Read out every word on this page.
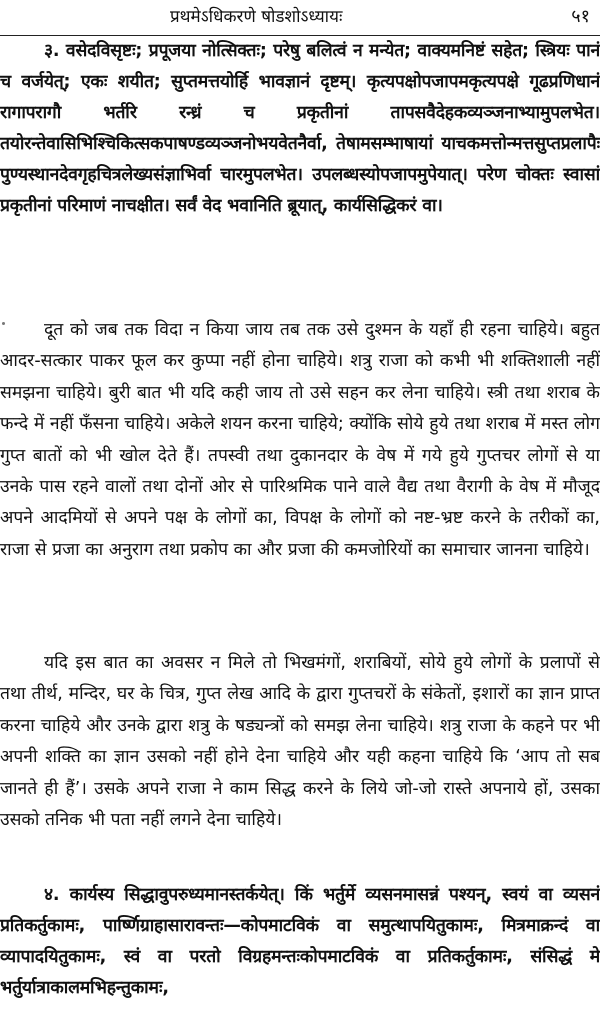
प्रथमेऽधिकरणे षोडशोऽध्यायः	५१

३. वसेदविसृष्टः; प्रपूजया नोत्सिक्तः; परेषु बलित्वं न मन्येत; वाक्यमनिष्टं सहेत; स्त्रियः पानं च वर्जयेत्; एकः शयीत; सुप्तमत्तयोर्हि भावज्ञानं दृष्टम्। कृत्यपक्षोपजापमकृत्यपक्षे गूढप्रणिधानं रागापरागौ भर्तरि रन्ध्रं च प्रकृतीनां तापसवैदेहकव्यञ्जनाभ्यामुपलभेत। तयोरन्तेवासिभिश्चिकित्सकपाषण्डव्यञ्जनोभयवेतनैर्वा, तेषामसम्भाषायां याचकमत्तोन्मत्तसुप्तप्रलापैः पुण्यस्थानदेवगृहचित्रलेख्यसंज्ञाभिर्वा चारमुपलभेत। उपलब्धस्योपजापमुपेयात्। परेण चोक्तः स्वासां प्रकृतीनां परिमाणं नाचक्षीत। सर्वं वेद भवानिति ब्रूयात्, कार्यसिद्धिकरं वा।

दूत को जब तक विदा न किया जाय तब तक उसे दुश्मन के यहाँ ही रहना चाहिये। बहुत आदर-सत्कार पाकर फूल कर कुप्पा नहीं होना चाहिये। शत्रु राजा को कभी भी शक्तिशाली नहीं समझना चाहिये। बुरी बात भी यदि कही जाय तो उसे सहन कर लेना चाहिये। स्त्री तथा शराब के फन्दे में नहीं फँसना चाहिये। अकेले शयन करना चाहिये; क्योंकि सोये हुये तथा शराब में मस्त लोग गुप्त बातों को भी खोल देते हैं। तपस्वी तथा दुकानदार के वेष में गये हुये गुप्तचर लोगों से या उनके पास रहने वालों तथा दोनों ओर से पारिश्रमिक पाने वाले वैद्य तथा वैरागी के वेष में मौजूद अपने आदमियों से अपने पक्ष के लोगों का, विपक्ष के लोगों को नष्ट-भ्रष्ट करने के तरीकों का, राजा से प्रजा का अनुराग तथा प्रकोप का और प्रजा की कमजोरियों का समाचार जानना चाहिये।

यदि इस बात का अवसर न मिले तो भिखमंगों, शराबियों, सोये हुये लोगों के प्रलापों से तथा तीर्थ, मन्दिर, घर के चित्र, गुप्त लेख आदि के द्वारा गुप्तचरों के संकेतों, इशारों का ज्ञान प्राप्त करना चाहिये और उनके द्वारा शत्रु के षड्यन्त्रों को समझ लेना चाहिये। शत्रु राजा के कहने पर भी अपनी शक्ति का ज्ञान उसको नहीं होने देना चाहिये और यही कहना चाहिये कि ‘आप तो सब जानते ही हैं’। उसके अपने राजा ने काम सिद्ध करने के लिये जो-जो रास्ते अपनाये हों, उसका उसको तनिक भी पता नहीं लगने देना चाहिये।

४. कार्यस्य सिद्धावुपरुध्यमानस्तर्कयेत्। किं भर्तुर्मे व्यसनमासन्नं पश्यन्, स्वयं वा व्यसनं प्रतिकर्तुकामः, पार्ष्णिग्राहासारावन्तः—कोपमाटविकं वा समुत्थापयितुकामः, मित्रमाक्रन्दं वा व्यापादयितुकामः, स्वं वा परतो विग्रहमन्तःकोपमाटविकं वा प्रतिकर्तुकामः, संसिद्धं मे भर्तुर्यात्राकालमभिहन्तुकामः,
